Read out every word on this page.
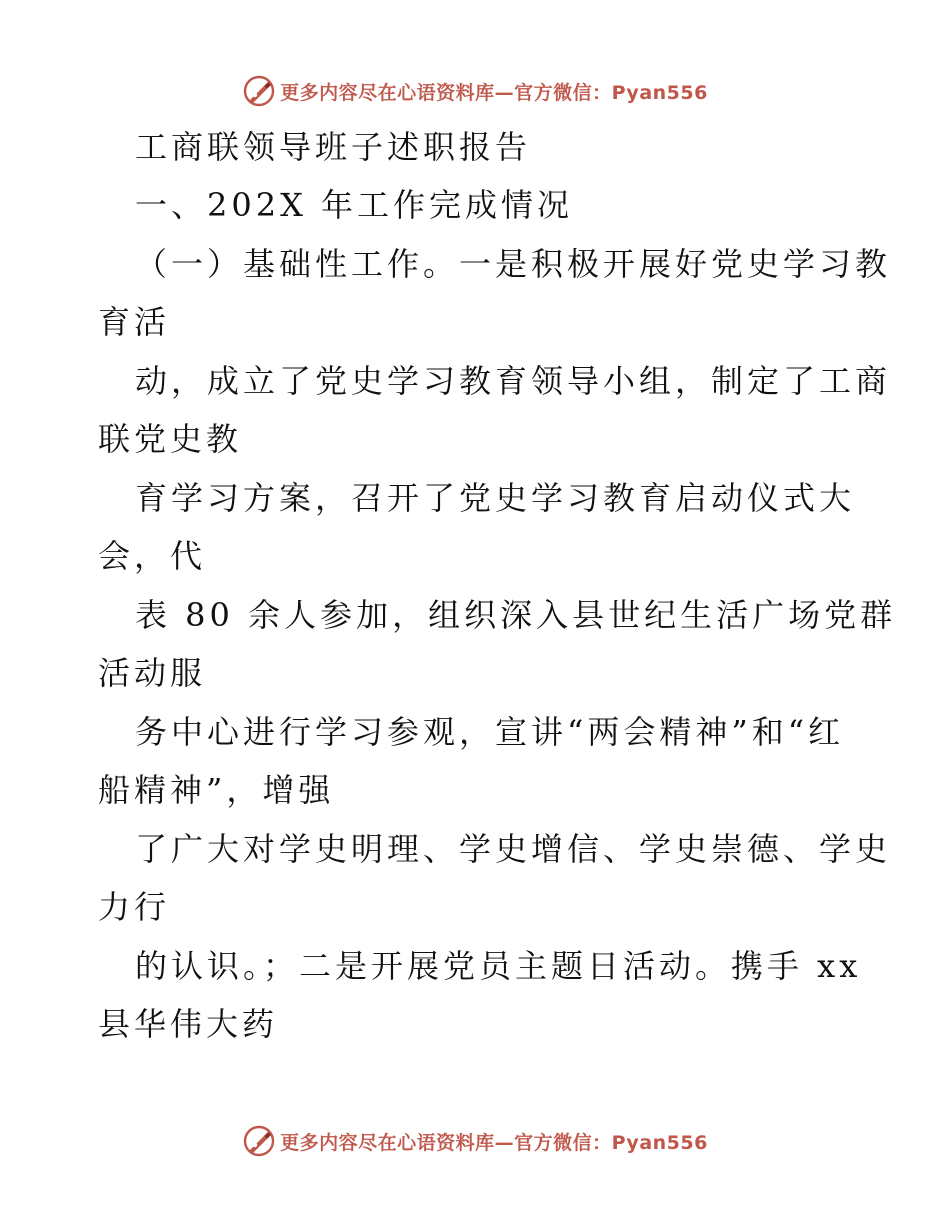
更多内容尽在心语资料库—官方微信：Pyan556
工商联领导班子述职报告
一、202X 年工作完成情况
（一）基础性工作。一是积极开展好党史学习教
育活
动，成立了党史学习教育领导小组，制定了工商
联党史教
育学习方案，召开了党史学习教育启动仪式大
会，代
表 80 余人参加，组织深入县世纪生活广场党群
活动服
务中心进行学习参观，宣讲“两会精神”和“红
船精神”，增强
了广大对学史明理、学史增信、学史崇德、学史
力行
的认识。；二是开展党员主题日活动。携手 xx
县华伟大药
更多内容尽在心语资料库—官方微信：Pyan556
